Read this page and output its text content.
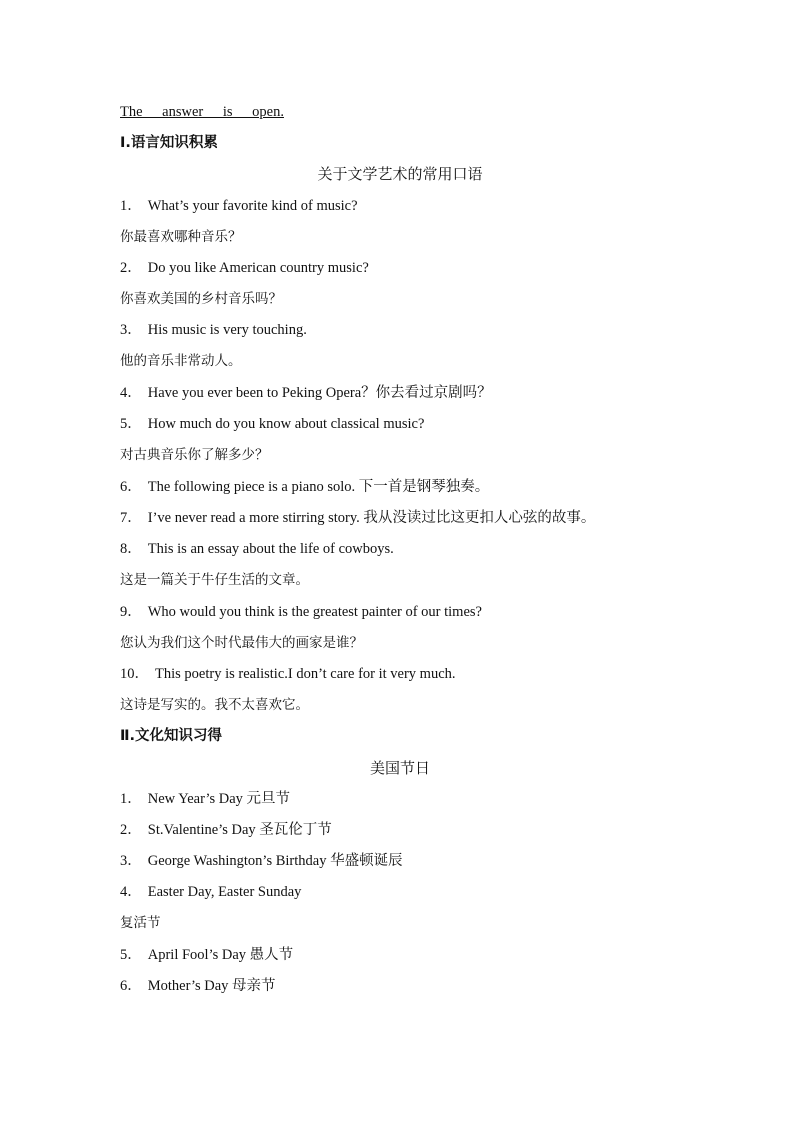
The answer is open.
Ⅰ.语言知识积累
关于文学艺术的常用口语
1． What’s your favorite kind of music?
你最喜欢哪种音乐？
2． Do you like American country music?
你喜欢美国的乡村音乐吗？
3． His music is very touching.
他的音乐非常动人。
4． Have you ever been to Peking Opera？你去看过京剧吗？
5． How much do you know about classical music?
对古典音乐你了解多少？
6． The following piece is a piano solo. 下一首是钢琴独奏。
7． I’ve never read a more stirring story. 我从没读过比这更扣人心弦的故事。
8． This is an essay about the life of cowboys.
这是一篇关于牛仔生活的文章。
9． Who would you think is the greatest painter of our times?
您认为我们这个时代最伟大的画家是谁？
10． This poetry is realistic.I don’t care for it very much.
这诗是写实的。我不太喜欢它。
Ⅱ.文化知识习得
美国节日
1． New Year’s Day 元旦节
2． St.Valentine’s Day 圣瓦伦丁节
3． George Washington’s Birthday 华盛顿诞辰
4． Easter Day, Easter Sunday
复活节
5． April Fool’s Day 愚人节
6． Mother’s Day 母亲节
